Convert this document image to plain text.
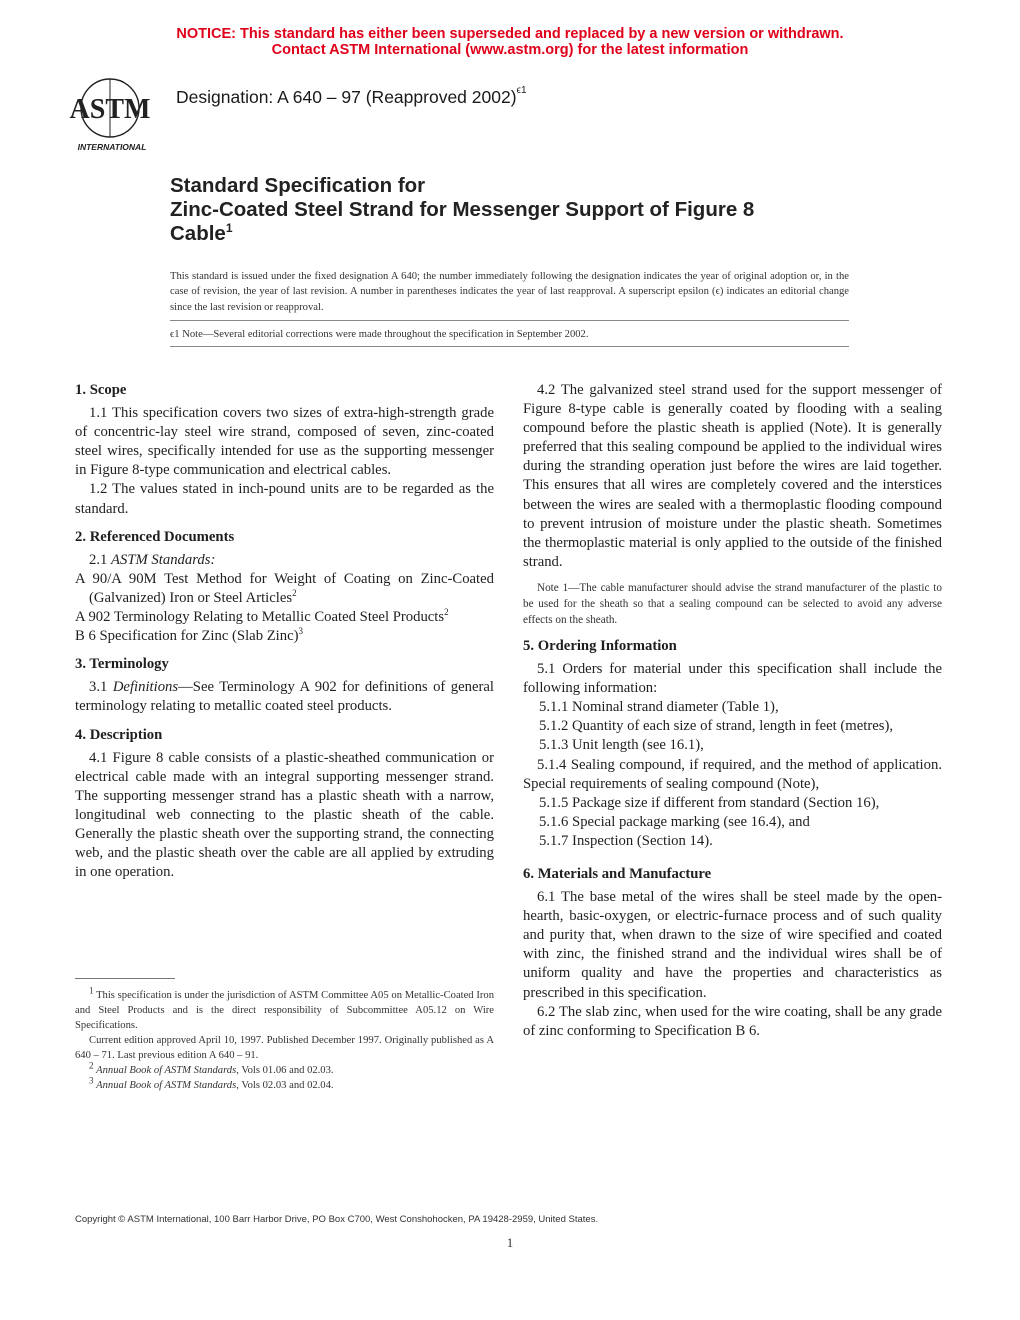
NOTICE: This standard has either been superseded and replaced by a new version or withdrawn.
Contact ASTM International (www.astm.org) for the latest information
ASTM
INTERNATIONAL
Designation: A 640 – 97 (Reapproved 2002)$^{\epsilon 1}$
Standard Specification for
Zinc-Coated Steel Strand for Messenger Support of Figure 8
Cable$^1$
This standard is issued under the fixed designation A 640; the number immediately following the designation indicates the year of original adoption or, in the case of revision, the year of last revision. A number in parentheses indicates the year of last reapproval. A superscript epsilon (ϵ) indicates an editorial change since the last revision or reapproval.
ϵ1 Note—Several editorial corrections were made throughout the specification in September 2002.

1. Scope

1.1 This specification covers two sizes of extra-high-strength grade of concentric-lay steel wire strand, composed of seven, zinc-coated steel wires, specifically intended for use as the supporting messenger in Figure 8-type communication and electrical cables.

1.2 The values stated in inch-pound units are to be regarded as the standard.

2. Referenced Documents

2.1 ASTM Standards:

A 90/A 90M Test Method for Weight of Coating on Zinc-Coated (Galvanized) Iron or Steel Articles$^2$

A 902 Terminology Relating to Metallic Coated Steel Products$^2$

B 6 Specification for Zinc (Slab Zinc)$^3$

3. Terminology

3.1 Definitions—See Terminology A 902 for definitions of general terminology relating to metallic coated steel products.

4. Description

4.1 Figure 8 cable consists of a plastic-sheathed communication or electrical cable made with an integral supporting messenger strand. The supporting messenger strand has a plastic sheath with a narrow, longitudinal web connecting to the plastic sheath of the cable. Generally the plastic sheath over the supporting strand, the connecting web, and the plastic sheath over the cable are all applied by extruding in one operation.

$^1$ This specification is under the jurisdiction of ASTM Committee A05 on Metallic-Coated Iron and Steel Products and is the direct responsibility of Subcommittee A05.12 on Wire Specifications.

Current edition approved April 10, 1997. Published December 1997. Originally published as A 640 – 71. Last previous edition A 640 – 91.

$^2$ Annual Book of ASTM Standards, Vols 01.06 and 02.03.

$^3$ Annual Book of ASTM Standards, Vols 02.03 and 02.04.

4.2 The galvanized steel strand used for the support messenger of Figure 8-type cable is generally coated by flooding with a sealing compound before the plastic sheath is applied (Note). It is generally preferred that this sealing compound be applied to the individual wires during the stranding operation just before the wires are laid together. This ensures that all wires are completely covered and the interstices between the wires are sealed with a thermoplastic flooding compound to prevent intrusion of moisture under the plastic sheath. Sometimes the thermoplastic material is only applied to the outside of the finished strand.

Note 1—The cable manufacturer should advise the strand manufacturer of the plastic to be used for the sheath so that a sealing compound can be selected to avoid any adverse effects on the sheath.

5. Ordering Information

5.1 Orders for material under this specification shall include the following information:

5.1.1 Nominal strand diameter (Table 1),

5.1.2 Quantity of each size of strand, length in feet (metres),

5.1.3 Unit length (see 16.1),

5.1.4 Sealing compound, if required, and the method of application. Special requirements of sealing compound (Note),

5.1.5 Package size if different from standard (Section 16),

5.1.6 Special package marking (see 16.4), and

5.1.7 Inspection (Section 14).

6. Materials and Manufacture

6.1 The base metal of the wires shall be steel made by the open-hearth, basic-oxygen, or electric-furnace process and of such quality and purity that, when drawn to the size of wire specified and coated with zinc, the finished strand and the individual wires shall be of uniform quality and have the properties and characteristics as prescribed in this specification.

6.2 The slab zinc, when used for the wire coating, shall be any grade of zinc conforming to Specification B 6.

Copyright © ASTM International, 100 Barr Harbor Drive, PO Box C700, West Conshohocken, PA 19428-2959, United States.
1
